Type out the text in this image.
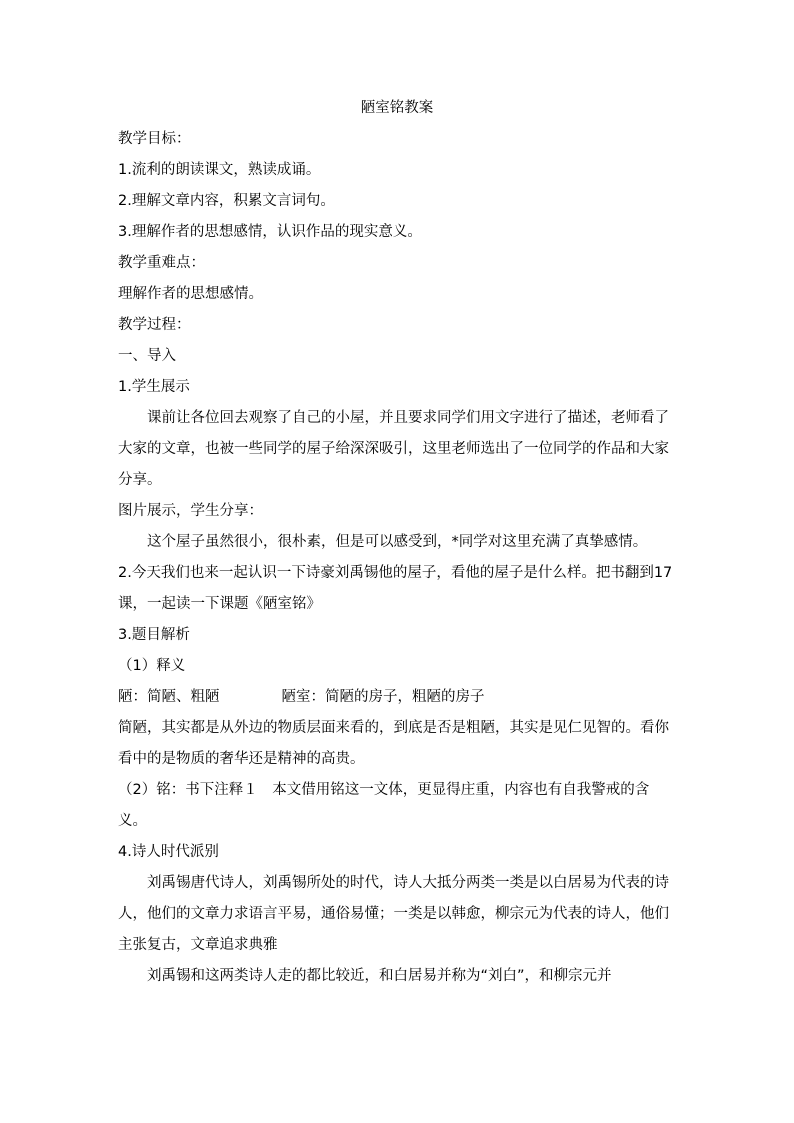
陋室铭教案

教学目标：

1.流利的朗读课文，熟读成诵。

2.理解文章内容，积累文言词句。

3.理解作者的思想感情，认识作品的现实意义。

教学重难点：

理解作者的思想感情。

教学过程：

一、导入

1.学生展示

课前让各位回去观察了自己的小屋，并且要求同学们用文字进行了描述，老师看了大家的文章，也被一些同学的屋子给深深吸引，这里老师选出了一位同学的作品和大家分享。

图片展示，学生分享：

这个屋子虽然很小，很朴素，但是可以感受到，*同学对这里充满了真挚感情。

2.今天我们也来一起认识一下诗豪刘禹锡他的屋子，看他的屋子是什么样。把书翻到17课，一起读一下课题《陋室铭》

3.题目解析

（1）释义

陋：简陋、粗陋	陋室：简陋的房子，粗陋的房子

简陋，其实都是从外边的物质层面来看的，到底是否是粗陋，其实是见仁见智的。看你看中的是物质的奢华还是精神的高贵。

（2）铭：书下注释１　本文借用铭这一文体，更显得庄重，内容也有自我警戒的含义。

4.诗人时代派别

刘禹锡唐代诗人，刘禹锡所处的时代，诗人大抵分两类一类是以白居易为代表的诗人，他们的文章力求语言平易，通俗易懂；一类是以韩愈，柳宗元为代表的诗人，他们主张复古，文章追求典雅

刘禹锡和这两类诗人走的都比较近，和白居易并称为“刘白”，和柳宗元并
